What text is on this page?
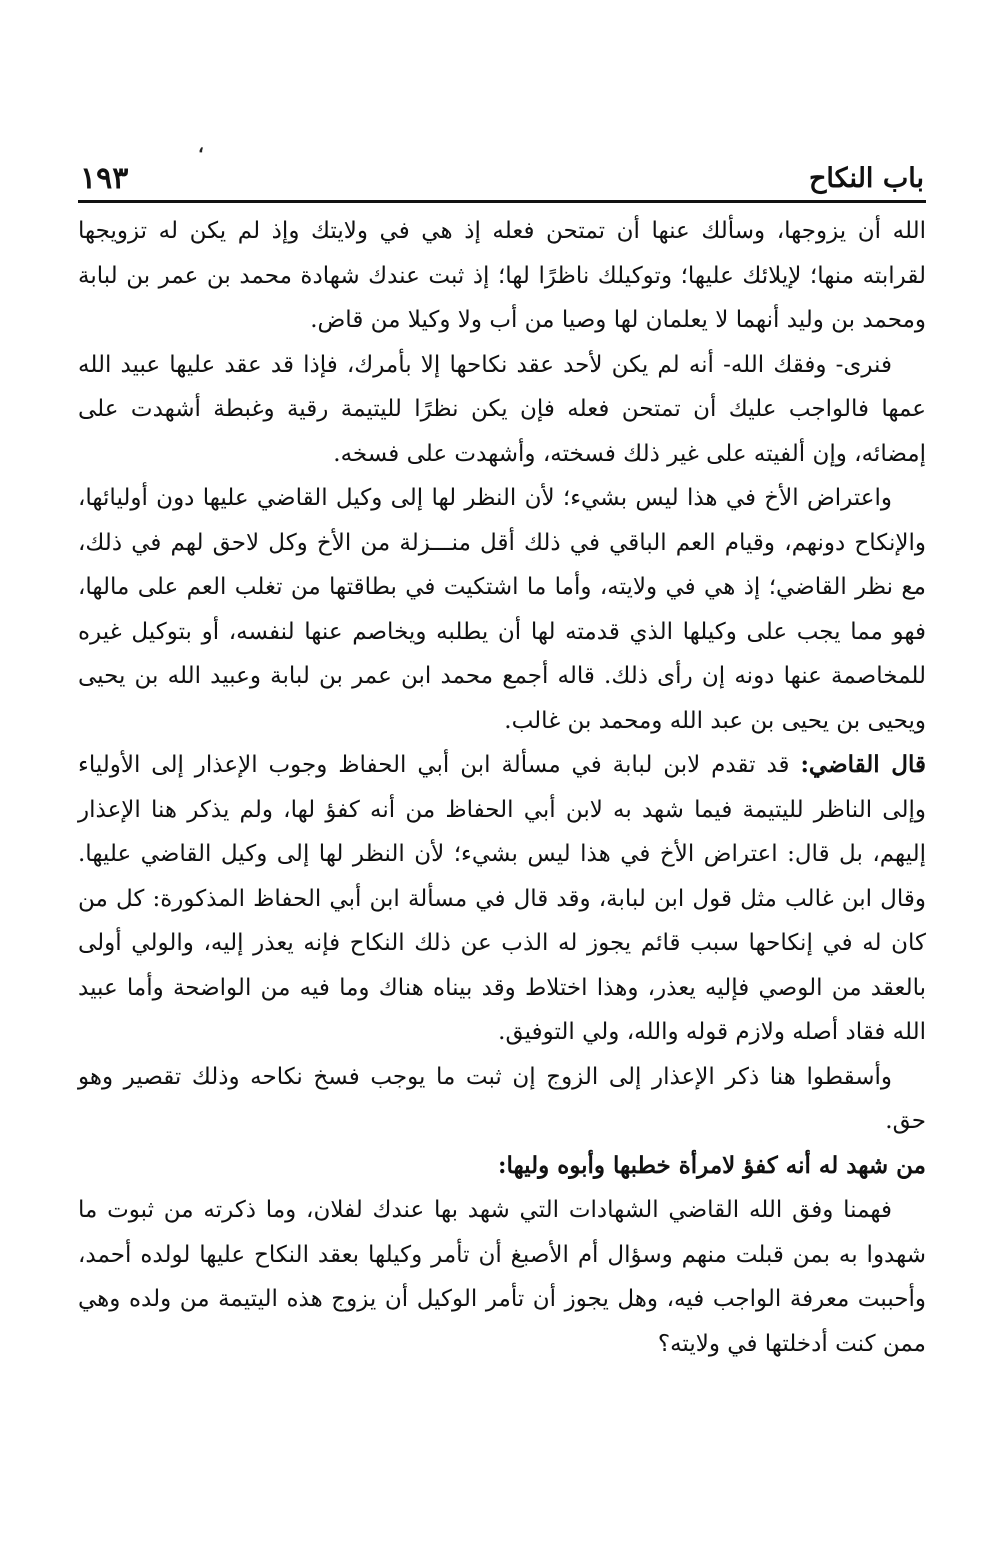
،
باب النكاح
١٩٣

الله أن يزوجها، وسألك عنها أن تمتحن فعله إذ هي في ولايتك وإذ لم يكن له تزويجها لقرابته منها؛ لإيلائك عليها؛ وتوكيلك ناظرًا لها؛ إذ ثبت عندك شهادة محمد بن عمر بن لبابة ومحمد بن وليد أنهما لا يعلمان لها وصيا من أب ولا وكيلا من قاض.

فنرى- وفقك الله- أنه لم يكن لأحد عقد نكاحها إلا بأمرك، فإذا قد عقد عليها عبيد الله عمها فالواجب عليك أن تمتحن فعله فإن يكن نظرًا لليتيمة رقية وغبطة أشهدت على إمضائه، وإن ألفيته على غير ذلك فسخته، وأشهدت على فسخه.

واعتراض الأخ في هذا ليس بشيء؛ لأن النظر لها إلى وكيل القاضي عليها دون أوليائها، والإنكاح دونهم، وقيام العم الباقي في ذلك أقل منـــزلة من الأخ وكل لاحق لهم في ذلك، مع نظر القاضي؛ إذ هي في ولايته، وأما ما اشتكيت في بطاقتها من تغلب العم على مالها، فهو مما يجب على وكيلها الذي قدمته لها أن يطلبه ويخاصم عنها لنفسه، أو بتوكيل غيره للمخاصمة عنها دونه إن رأى ذلك. قاله أجمع محمد ابن عمر بن لبابة وعبيد الله بن يحيى ويحيى بن يحيى بن عبد الله ومحمد بن غالب.

قال القاضي: قد تقدم لابن لبابة في مسألة ابن أبي الحفاظ وجوب الإعذار إلى الأولياء وإلى الناظر لليتيمة فيما شهد به لابن أبي الحفاظ من أنه كفؤ لها، ولم يذكر هنا الإعذار إليهم، بل قال: اعتراض الأخ في هذا ليس بشيء؛ لأن النظر لها إلى وكيل القاضي عليها. وقال ابن غالب مثل قول ابن لبابة، وقد قال في مسألة ابن أبي الحفاظ المذكورة: كل من كان له في إنكاحها سبب قائم يجوز له الذب عن ذلك النكاح فإنه يعذر إليه، والولي أولى بالعقد من الوصي فإليه يعذر، وهذا اختلاط وقد بيناه هناك وما فيه من الواضحة وأما عبيد الله فقاد أصله ولازم قوله والله، ولي التوفيق.

وأسقطوا هنا ذكر الإعذار إلى الزوج إن ثبت ما يوجب فسخ نكاحه وذلك تقصير وهو حق.

من شهد له أنه كفؤ لامرأة خطبها وأبوه وليها:

فهمنا وفق الله القاضي الشهادات التي شهد بها عندك لفلان، وما ذكرته من ثبوت ما شهدوا به بمن قبلت منهم وسؤال أم الأصبغ أن تأمر وكيلها بعقد النكاح عليها لولده أحمد، وأحببت معرفة الواجب فيه، وهل يجوز أن تأمر الوكيل أن يزوج هذه اليتيمة من ولده وهي ممن كنت أدخلتها في ولايته؟
